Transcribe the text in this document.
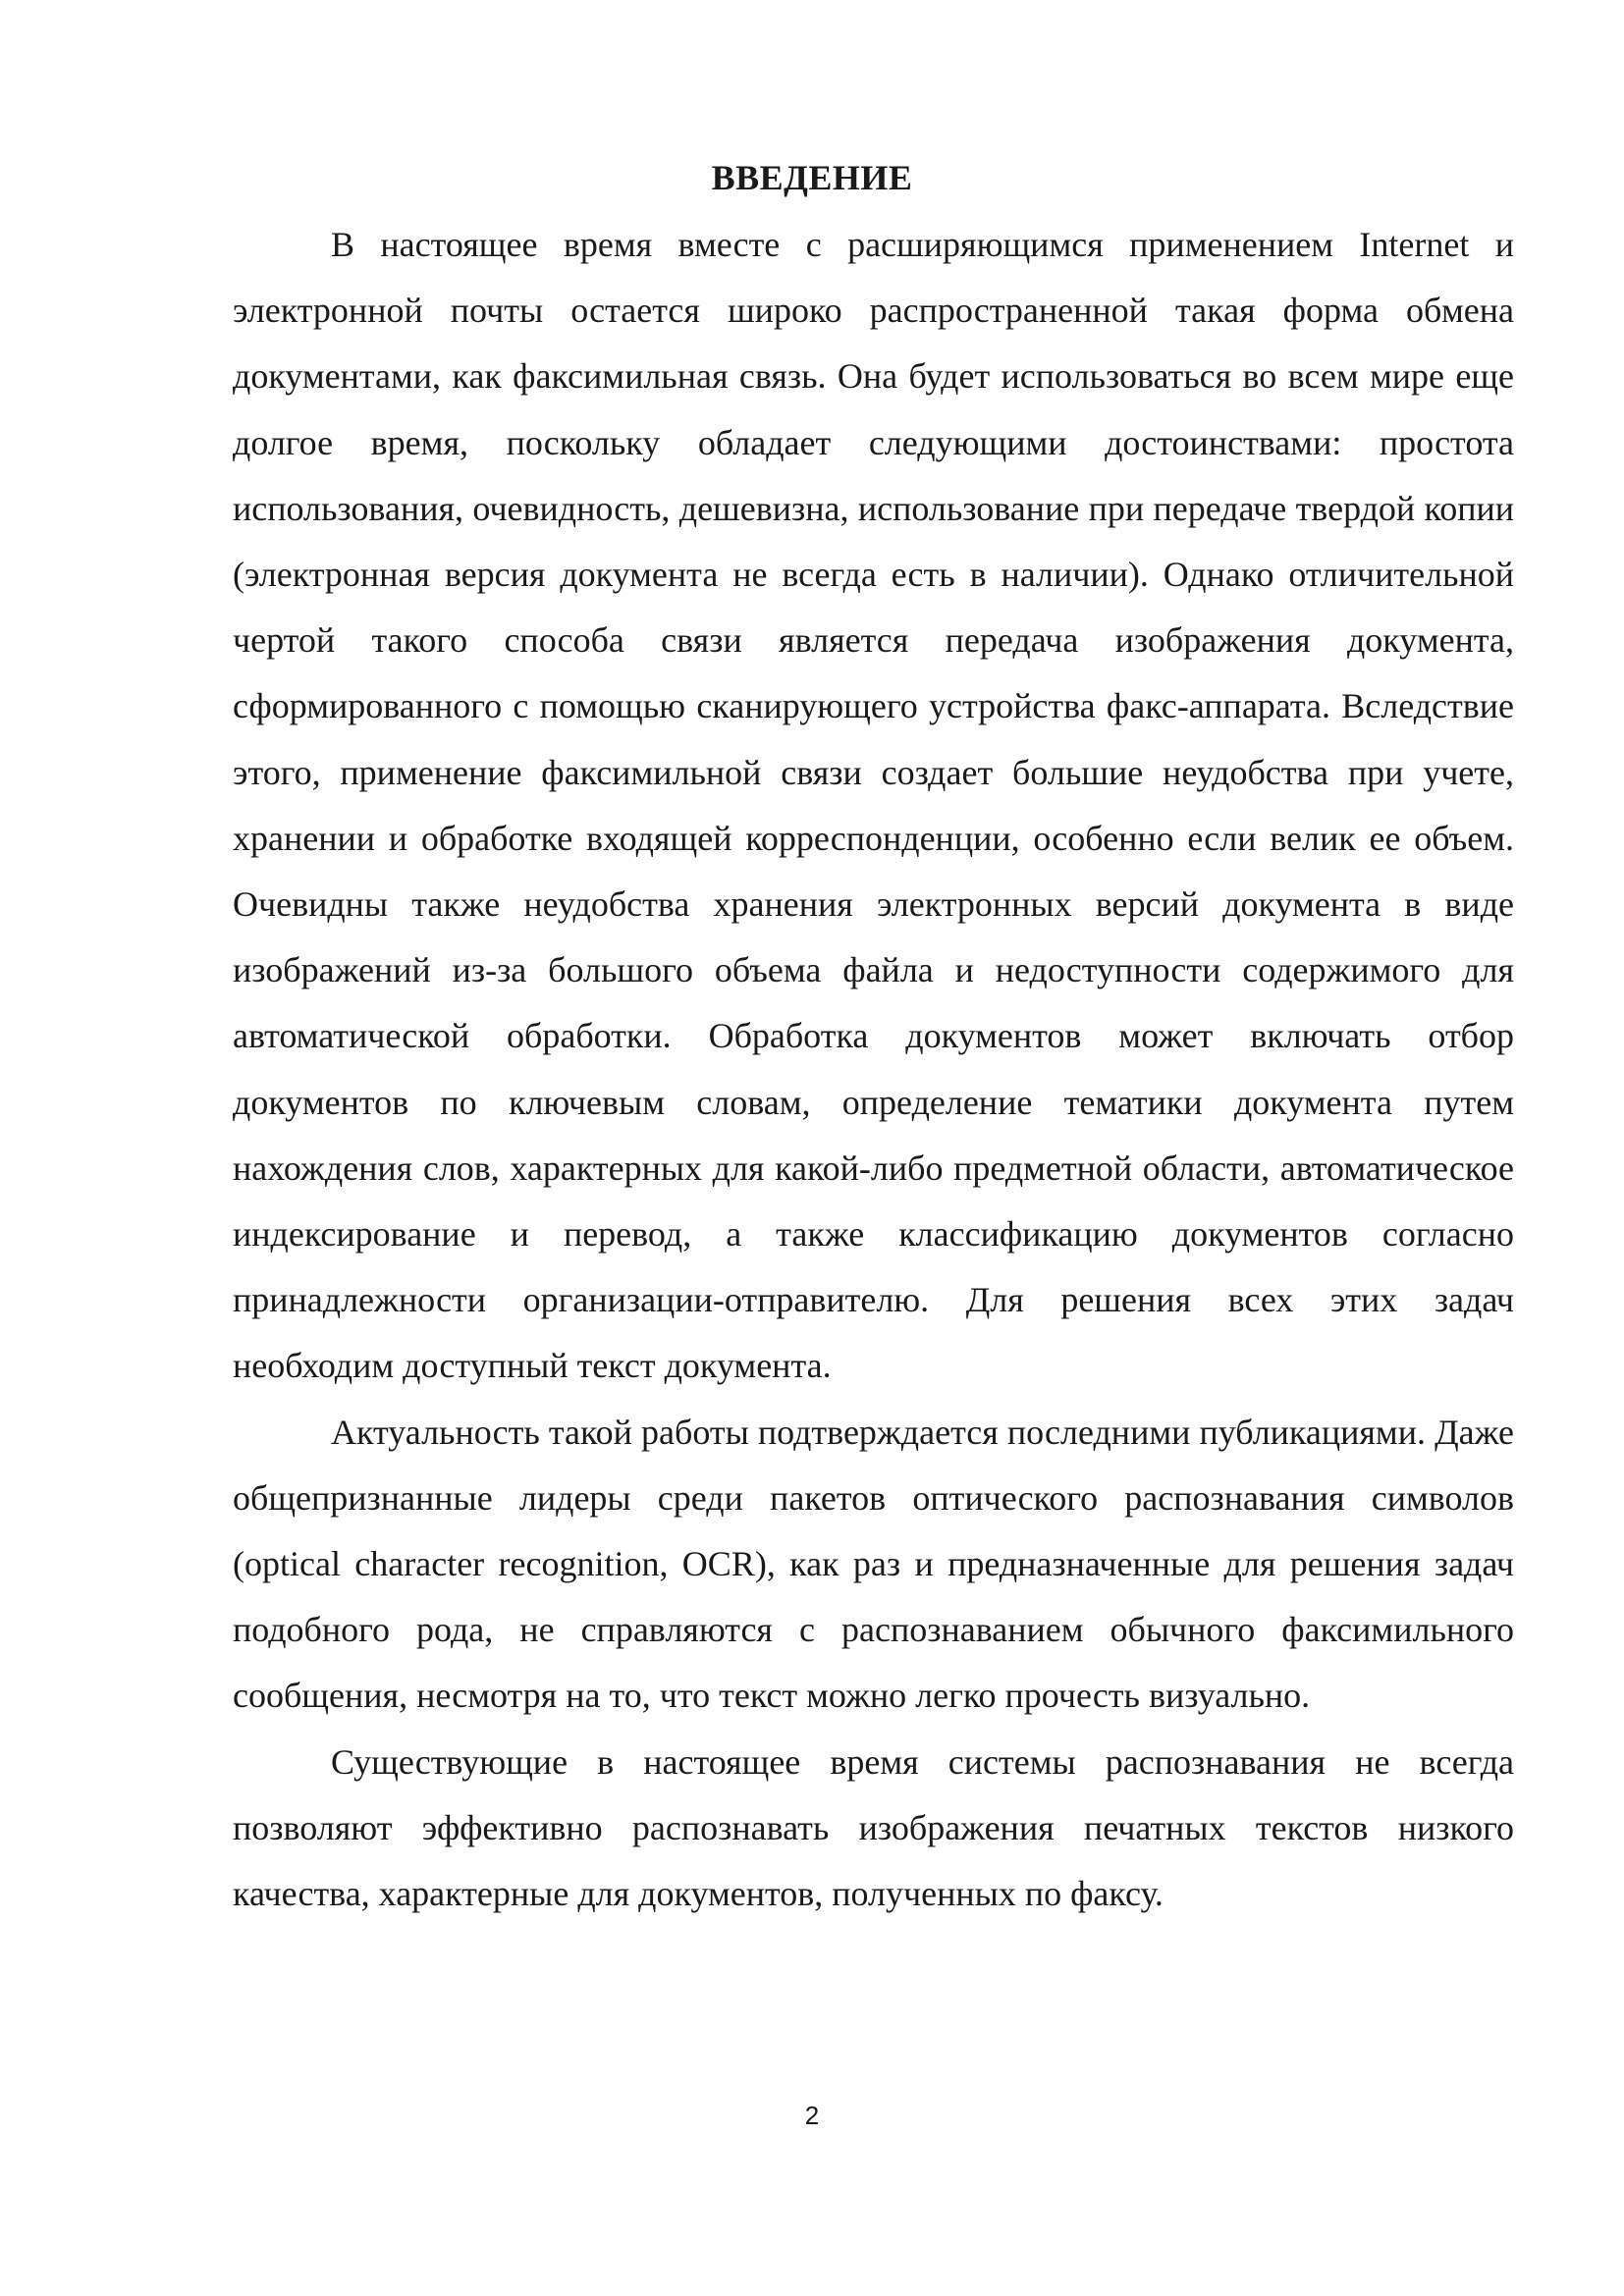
ВВЕДЕНИЕ

В настоящее время вместе с расширяющимся применением Internet и электронной почты остается широко распространенной такая форма обмена документами, как факсимильная связь. Она будет использоваться во всем мире еще долгое время, поскольку обладает следующими достоинствами: простота использования, очевидность, дешевизна, использование при передаче твердой копии (электронная версия документа не всегда есть в наличии). Однако отличительной чертой такого способа связи является передача изображения документа, сформированного с помощью сканирующего устройства факс-аппарата. Вследствие этого, применение факсимильной связи создает большие неудобства при учете, хранении и обработке входящей корреспонденции, особенно если велик ее объем. Очевидны также неудобства хранения электронных версий документа в виде изображений из-за большого объема файла и недоступности содержимого для автоматической обработки. Обработка документов может включать отбор документов по ключевым словам, определение тематики документа путем нахождения слов, характерных для какой-либо предметной области, автоматическое индексирование и перевод, а также классификацию документов согласно принадлежности организации-отправителю. Для решения всех этих задач необходим доступный текст документа.

Актуальность такой работы подтверждается последними публикациями. Даже общепризнанные лидеры среди пакетов оптического распознавания символов (optical character recognition, OCR), как раз и предназначенные для решения задач подобного рода, не справляются с распознаванием обычного факсимильного сообщения, несмотря на то, что текст можно легко прочесть визуально.

Существующие в настоящее время системы распознавания не всегда позволяют эффективно распознавать изображения печатных текстов низкого качества, характерные для документов, полученных по факсу.

2
